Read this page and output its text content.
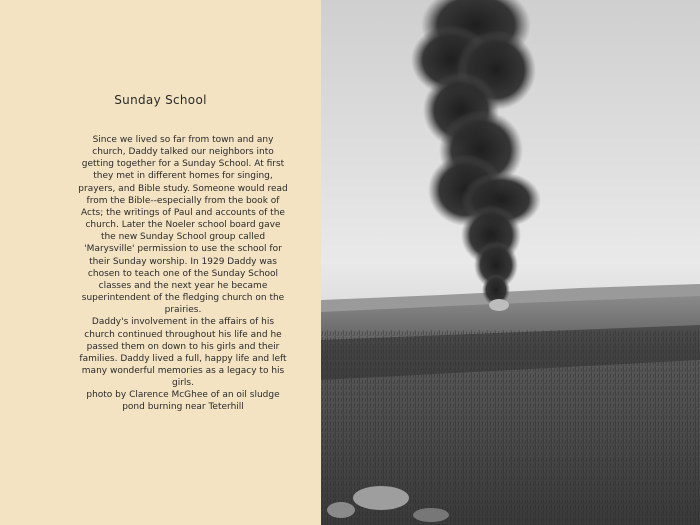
Sunday School

Since we lived so far from town and any church, Daddy talked our neighbors into getting together for a Sunday School. At first they met in different homes for singing, prayers, and Bible study. Someone would read from the Bible--especially from the book of Acts; the writings of Paul and accounts of the church. Later the Noeler school board gave the new Sunday School group called 'Marysville' permission to use the school for their Sunday worship. In 1929 Daddy was chosen to teach one of the Sunday School classes and the next year he became superintendent of the fledging church on the prairies.

Daddy's involvement in the affairs of his church continued throughout his life and he passed them on down to his girls and their families. Daddy lived a full, happy life and left many wonderful memories as a legacy to his girls.

photo by Clarence McGhee of an oil sludge pond burning near Teterhill
